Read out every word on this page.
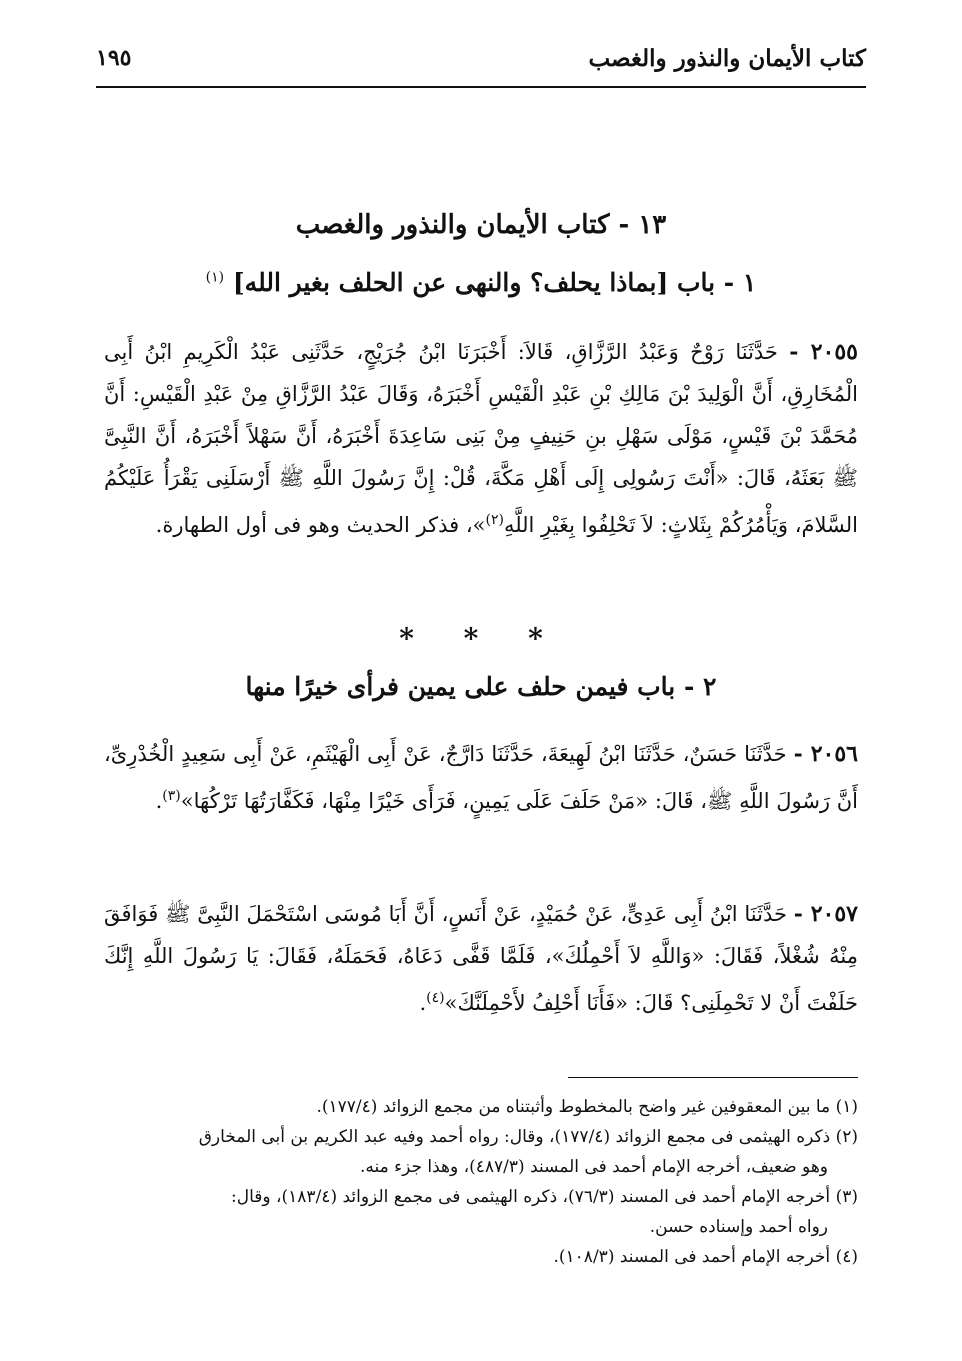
كتاب الأيمان والنذور والغصب
١٩٥
١٣ - كتاب الأيمان والنذور والغصب
١ - باب [بماذا يحلف؟ والنهى عن الحلف بغير الله] $^{(١)}$
٢٠٥٥ - حَدَّثَنَا رَوْحٌ وَعَبْدُ الرَّزَّاقِ، قَالاَ: أَخْبَرَنَا ابْنُ جُرَيْجٍ، حَدَّثَنِى عَبْدُ الْكَرِيمِ ابْنُ أَبِى الْمُخَارِقِ، أَنَّ الْوَلِيدَ بْنَ مَالِكِ بْنِ عَبْدِ الْقَيْسِ أَخْبَرَهُ، وَقَالَ عَبْدُ الرَّزَّاقِ مِنْ عَبْدِ الْقَيْسِ: أَنَّ مُحَمَّدَ بْنَ قَيْسٍ، مَوْلَى سَهْلِ بنِ حَنِيفٍ مِنْ بَنِى سَاعِدَةَ أَخْبَرَهُ، أَنَّ سَهْلاً أَخْبَرَهُ، أَنَّ النَّبِىَّ ﷺ بَعَثَهُ، قَالَ: «أَنْتَ رَسُولِى إِلَى أَهْلِ مَكَّةَ، قُلْ: إِنَّ رَسُولَ اللَّهِ ﷺ أَرْسَلَنِى يَقْرَأُ عَلَيْكُمُ السَّلامَ، وَيَأْمُرُكُمْ بِثَلاثٍ: لاَ تَحْلِفُوا بِغَيْرِ اللَّهِ$^{(٢)}$»، فذكر الحديث وهو فى أول الطهارة.
* * *
٢ - باب فيمن حلف على يمين فرأى خيرًا منها
٢٠٥٦ - حَدَّثَنَا حَسَنٌ، حَدَّثَنَا ابْنُ لَهِيعَةَ، حَدَّثَنَا دَارَّجٌ، عَنْ أَبِى الْهَيْثَمِ، عَنْ أَبِى سَعِيدٍ الْخُدْرِىِّ، أَنَّ رَسُولَ اللَّهِ ﷺ، قَالَ: «مَنْ حَلَفَ عَلَى يَمِينٍ، فَرَأَى خَيْرًا مِنْهَا، فَكَفَّارَتُهَا تَرْكُهَا»$^{(٣)}$.
٢٠٥٧ - حَدَّثَنَا ابْنُ أَبِى عَدِىٍّ، عَنْ حُمَيْدٍ، عَنْ أَنَسٍ، أَنَّ أَبَا مُوسَى اسْتَحْمَلَ النَّبِىَّ ﷺ فَوَافَقَ مِنْهُ شُغْلاً، فَقَالَ: «وَاللَّهِ لاَ أَحْمِلُكَ»، فَلَمَّا قَفَّى دَعَاهُ، فَحَمَلَهُ، فَقَالَ: يَا رَسُولَ اللَّهِ إِنَّكَ حَلَفْتَ أَنْ لا تَحْمِلَنِى؟ قَالَ: «فَأَنَا أَحْلِفُ لأَحْمِلَنَّكَ»$^{(٤)}$.
(١) ما بين المعقوفين غير واضح بالمخطوط وأثبتناه من مجمع الزوائد (١٧٧/٤).
(٢) ذكره الهيثمى فى مجمع الزوائد (١٧٧/٤)، وقال: رواه أحمد وفيه عبد الكريم بن أبى المخارق
وهو ضعيف، أخرجه الإمام أحمد فى المسند (٤٨٧/٣)، وهذا جزء منه.
(٣) أخرجه الإمام أحمد فى المسند (٧٦/٣)، ذكره الهيثمى فى مجمع الزوائد (١٨٣/٤)، وقال:
رواه أحمد وإسناده حسن.
(٤) أخرجه الإمام أحمد فى المسند (١٠٨/٣).
